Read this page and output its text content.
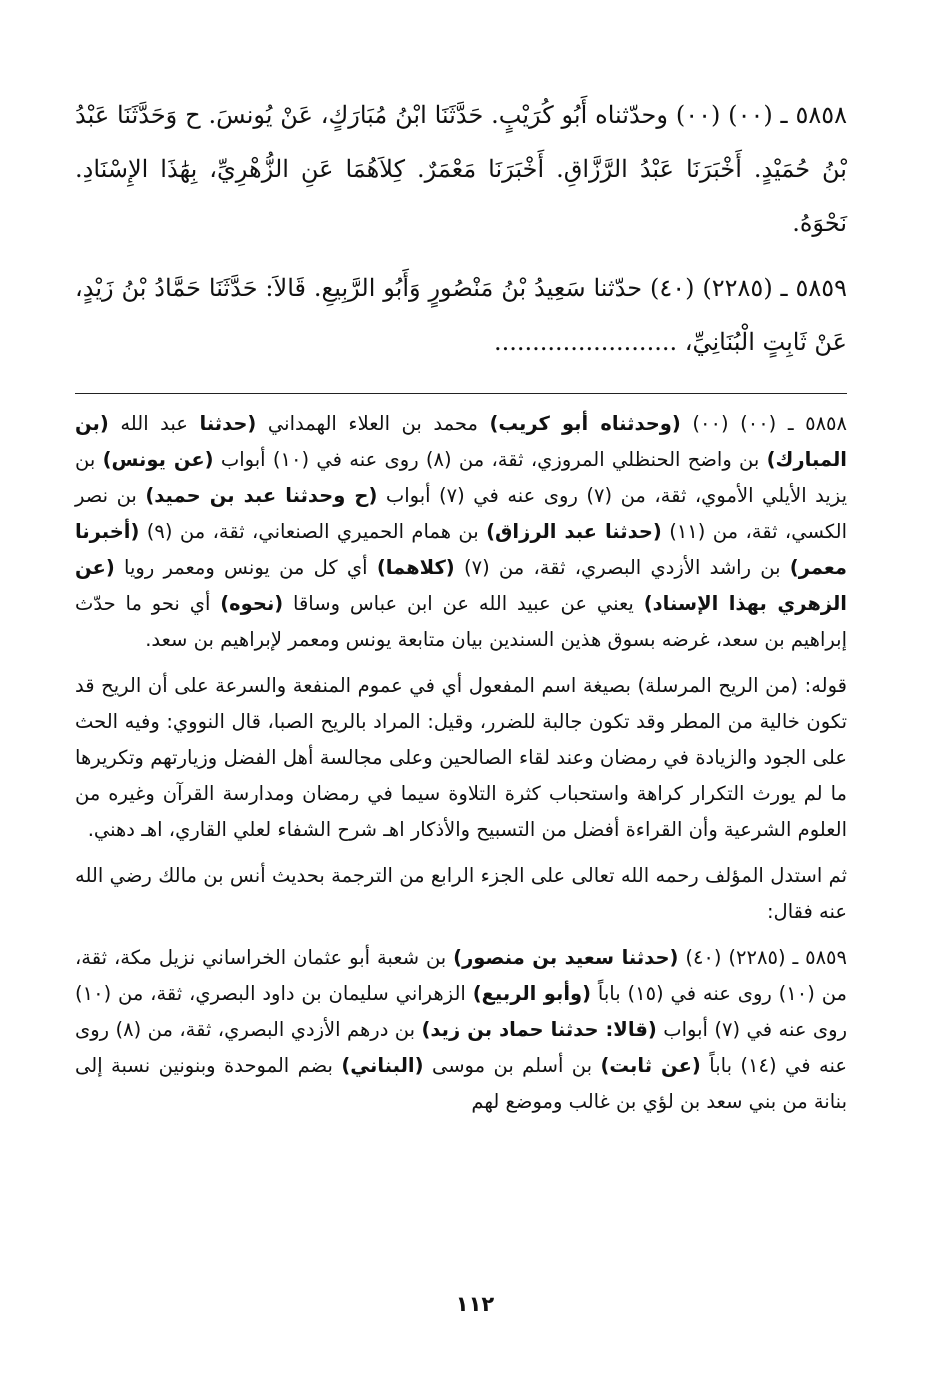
٥٨٥٨ ـ (٠٠) (٠٠) وحدّثناه أَبُو كُرَيْبٍ. حَدَّثَنَا ابْنُ مُبَارَكٍ، عَنْ يُونسَ. ح وَحَدَّثَنَا عَبْدُ بْنُ حُمَيْدٍ. أَخْبَرَنَا عَبْدُ الرَّزَّاقِ. أَخْبَرَنَا مَعْمَرٌ. كِلاَهُمَا عَنِ الزُّهْرِيِّ، بِهَٰذَا الإِسْنَادِ. نَحْوَهُ.

٥٨٥٩ ـ (٢٢٨٥) (٤٠) حدّثنا سَعِيدُ بْنُ مَنْصُورٍ وَأَبُو الرَّبِيعِ. قَالاَ: حَدَّثَنَا حَمَّادُ بْنُ زَيْدٍ، عَنْ ثَابِتٍ الْبُنَانِيِّ، ........................

٥٨٥٨ ـ (٠٠) (٠٠) (وحدثناه أبو كريب) محمد بن العلاء الهمداني (حدثنا عبد الله (بن المبارك) بن واضح الحنظلي المروزي، ثقة، من (٨) روى عنه في (١٠) أبواب (عن يونس) بن يزيد الأيلي الأموي، ثقة، من (٧) روى عنه في (٧) أبواب (ح وحدثنا عبد بن حميد) بن نصر الكسي، ثقة، من (١١) (حدثنا عبد الرزاق) بن همام الحميري الصنعاني، ثقة، من (٩) (أخبرنا معمر) بن راشد الأزدي البصري، ثقة، من (٧) (كلاهما) أي كل من يونس ومعمر رويا (عن الزهري بهذا الإسناد) يعني عن عبيد الله عن ابن عباس وساقا (نحوه) أي نحو ما حدّث إبراهيم بن سعد، غرضه بسوق هذين السندين بيان متابعة يونس ومعمر لإبراهيم بن سعد.

قوله: (من الريح المرسلة) بصيغة اسم المفعول أي في عموم المنفعة والسرعة على أن الريح قد تكون خالية من المطر وقد تكون جالبة للضرر، وقيل: المراد بالريح الصبا، قال النووي: وفيه الحث على الجود والزيادة في رمضان وعند لقاء الصالحين وعلى مجالسة أهل الفضل وزيارتهم وتكريرها ما لم يورث التكرار كراهة واستحباب كثرة التلاوة سيما في رمضان ومدارسة القرآن وغيره من العلوم الشرعية وأن القراءة أفضل من التسبيح والأذكار اهـ شرح الشفاء لعلي القاري، اهـ دهني.

ثم استدل المؤلف رحمه الله تعالى على الجزء الرابع من الترجمة بحديث أنس بن مالك رضي الله عنه فقال:

٥٨٥٩ ـ (٢٢٨٥) (٤٠) (حدثنا سعيد بن منصور) بن شعبة أبو عثمان الخراساني نزيل مكة، ثقة، من (١٠) روى عنه في (١٥) باباً (وأبو الربيع) الزهراني سليمان بن داود البصري، ثقة، من (١٠) روى عنه في (٧) أبواب (قالا: حدثنا حماد بن زيد) بن درهم الأزدي البصري، ثقة، من (٨) روى عنه في (١٤) باباً (عن ثابت) بن أسلم بن موسى (البناني) بضم الموحدة وبنونين نسبة إلى بنانة من بني سعد بن لؤي بن غالب وموضع لهم

١١٢
